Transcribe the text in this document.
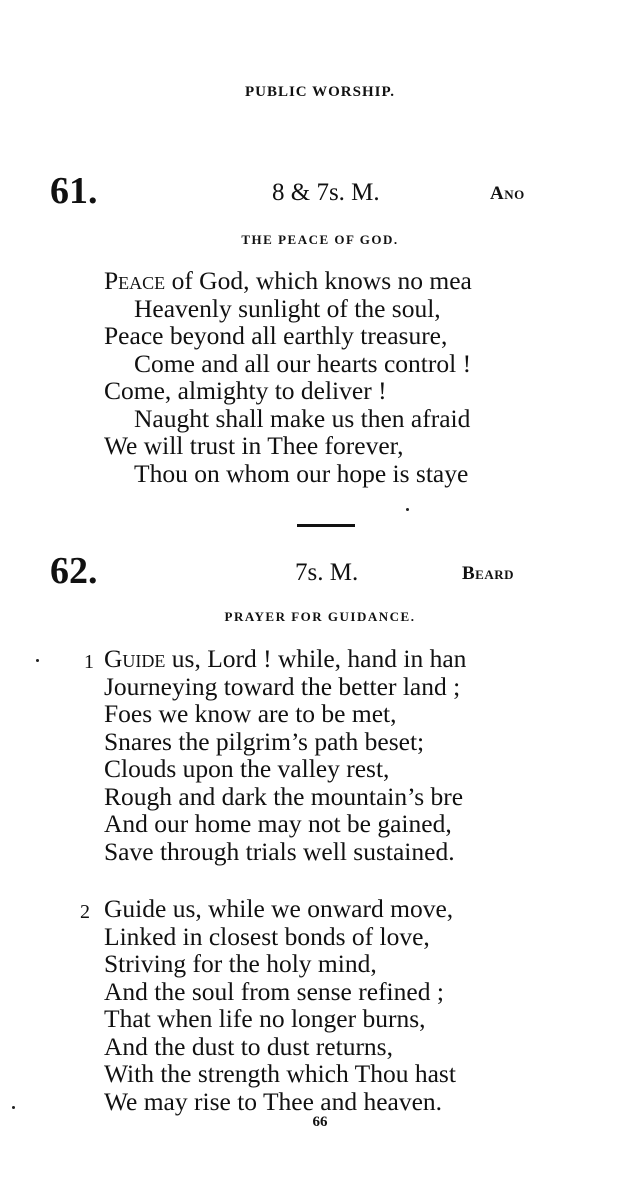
PUBLIC WORSHIP.
61.	8 & 7s. M.	Ano
THE PEACE OF GOD.
Peace of God, which knows no mea
Heavenly sunlight of the soul,
Peace beyond all earthly treasure,
Come and all our hearts control !
Come, almighty to deliver !
Naught shall make us then afraid
We will trust in Thee forever,
Thou on whom our hope is staye
62.	7s. M.	Beard
PRAYER FOR GUIDANCE.
1 Guide us, Lord ! while, hand in han
Journeying toward the better land ;
Foes we know are to be met,
Snares the pilgrim’s path beset;
Clouds upon the valley rest,
Rough and dark the mountain’s bre
And our home may not be gained,
Save through trials well sustained.
2 Guide us, while we onward move,
Linked in closest bonds of love,
Striving for the holy mind,
And the soul from sense refined ;
That when life no longer burns,
And the dust to dust returns,
With the strength which Thou hast
We may rise to Thee and heaven.
66
